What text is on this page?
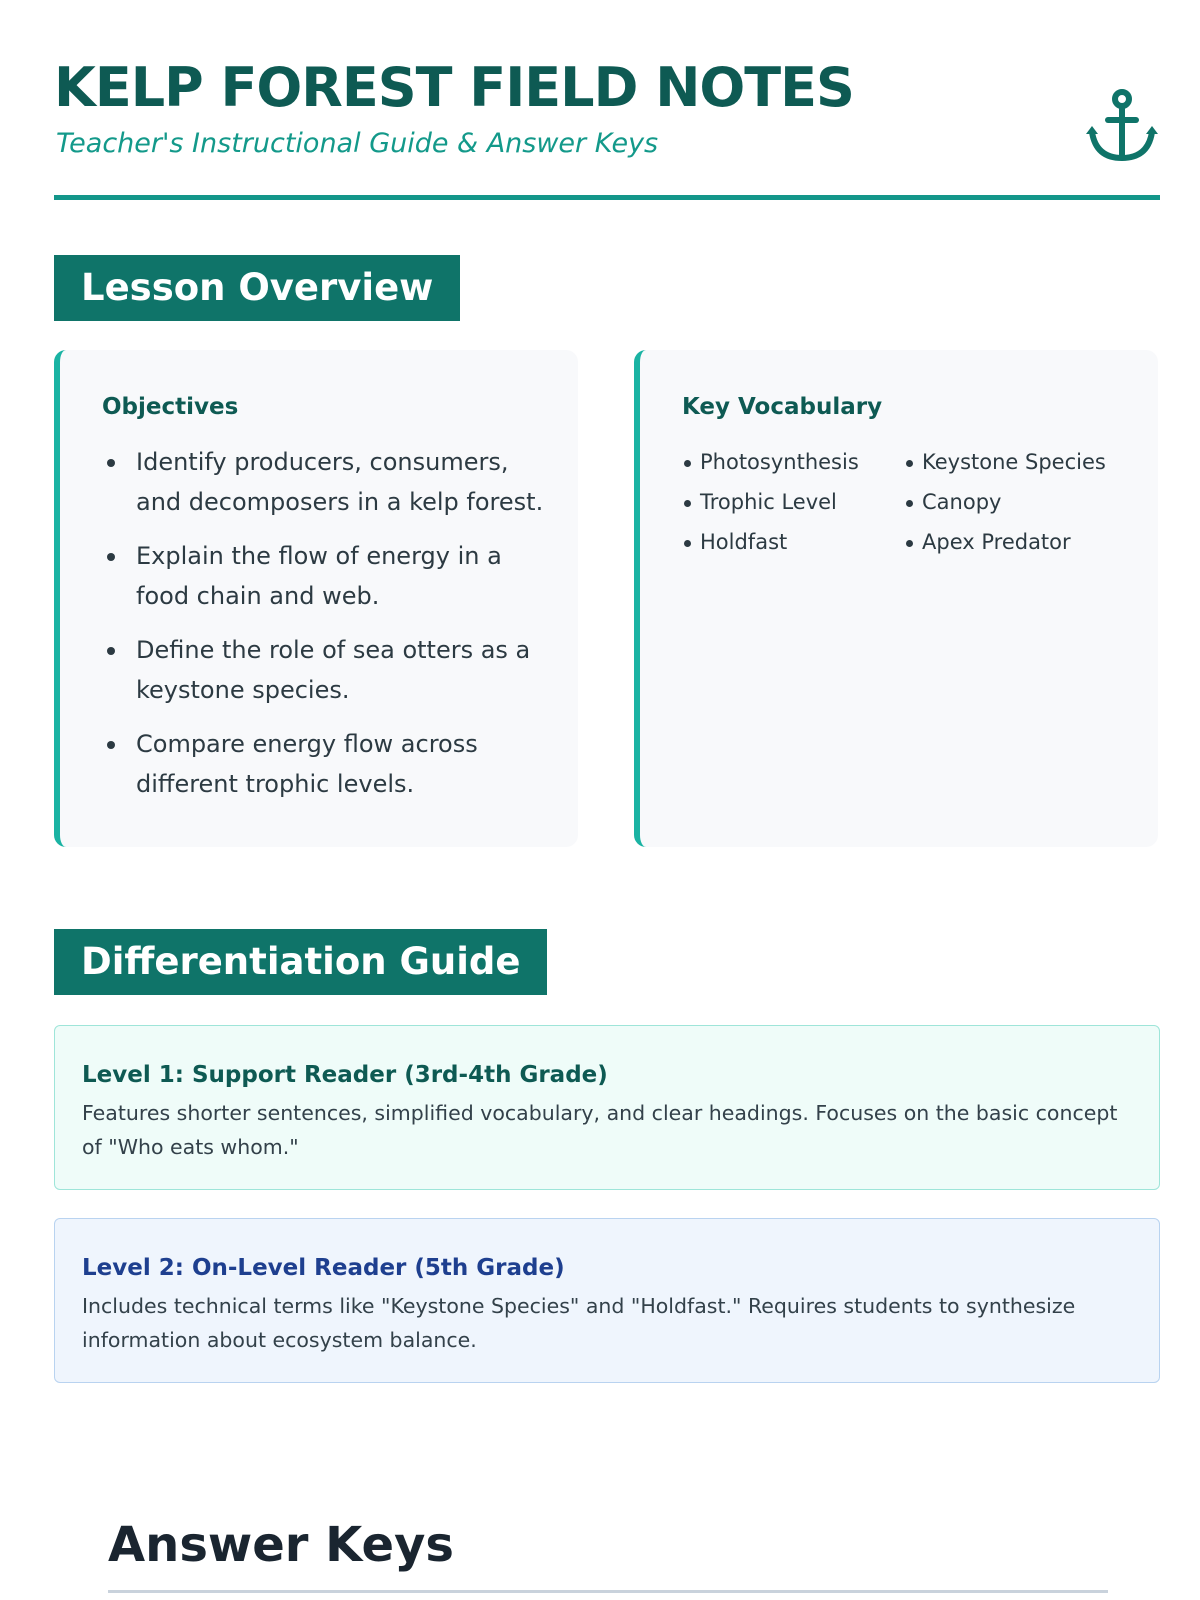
KELP FOREST FIELD NOTES
Teacher's Instructional Guide & Answer Keys
Lesson Overview
Objectives
Identify producers, consumers, and decomposers in a kelp forest.
Explain the flow of energy in a food chain and web.
Define the role of sea otters as a keystone species.
Compare energy flow across different trophic levels.
Key Vocabulary
Photosynthesis	Keystone Species
Trophic Level	Canopy
Holdfast	Apex Predator
Differentiation Guide
Level 1: Support Reader (3rd-4th Grade)

Features shorter sentences, simplified vocabulary, and clear headings. Focuses on the basic concept of "Who eats whom."

Level 2: On-Level Reader (5th Grade)

Includes technical terms like "Keystone Species" and "Holdfast." Requires students to synthesize information about ecosystem balance.

Answer Keys
